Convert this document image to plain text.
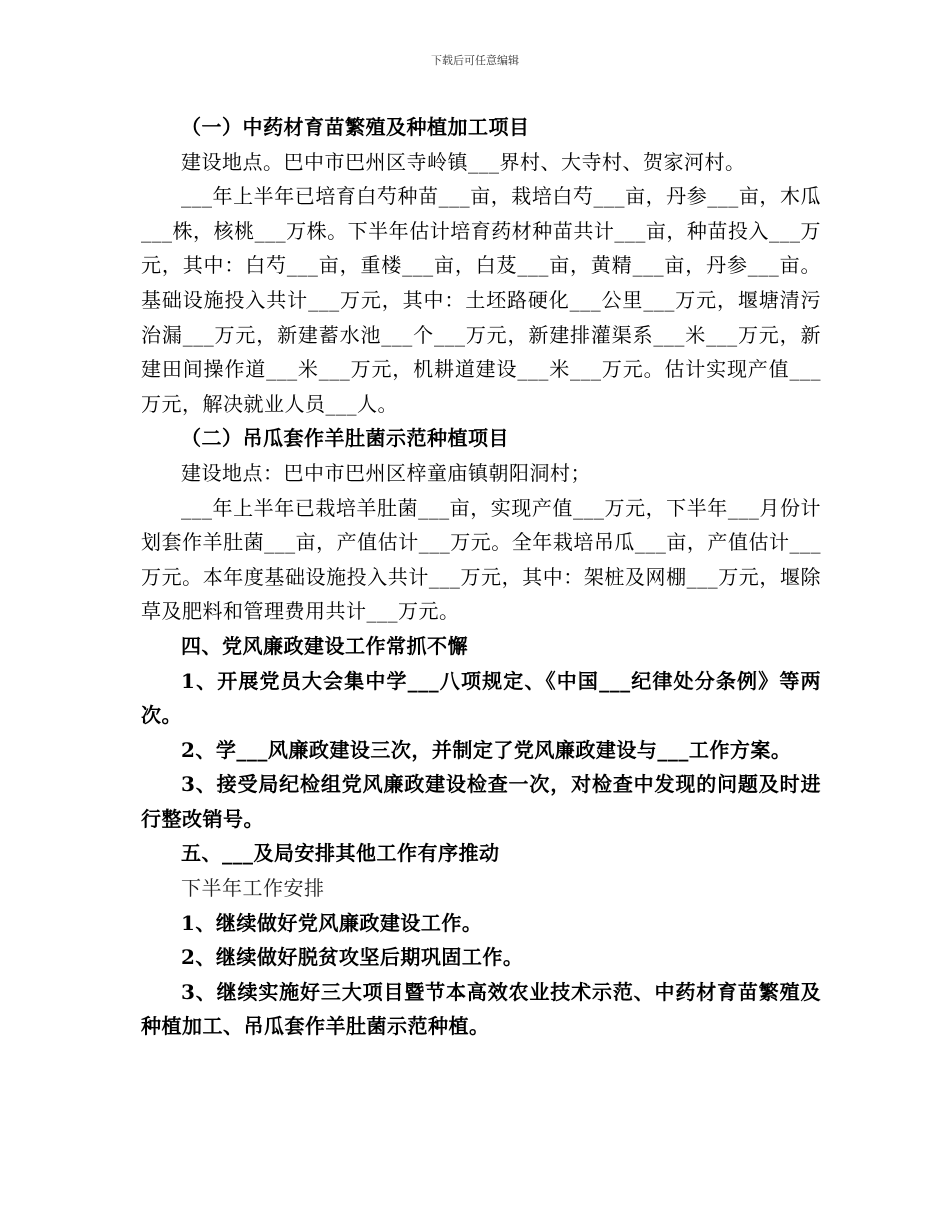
下载后可任意编辑

（一）中药材育苗繁殖及种植加工项目

建设地点。巴中市巴州区寺岭镇___界村、大寺村、贺家河村。

___年上半年已培育白芍种苗___亩，栽培白芍___亩，丹参___亩，木瓜___株，核桃___万株。下半年估计培育药材种苗共计___亩，种苗投入___万元，其中：白芍___亩，重楼___亩，白芨___亩，黄精___亩，丹参___亩。基础设施投入共计___万元，其中：土坯路硬化___公里___万元，堰塘清污治漏___万元，新建蓄水池___个___万元，新建排灌渠系___米___万元，新建田间操作道___米___万元，机耕道建设___米___万元。估计实现产值___万元，解决就业人员___人。

（二）吊瓜套作羊肚菌示范种植项目

建设地点：巴中市巴州区梓童庙镇朝阳洞村；

___年上半年已栽培羊肚菌___亩，实现产值___万元，下半年___月份计划套作羊肚菌___亩，产值估计___万元。全年栽培吊瓜___亩，产值估计___万元。本年度基础设施投入共计___万元，其中：架桩及网棚___万元，堰除草及肥料和管理费用共计___万元。

四、党风廉政建设工作常抓不懈

1、开展党员大会集中学___八项规定、《中国___纪律处分条例》等两次。

2、学___风廉政建设三次，并制定了党风廉政建设与___工作方案。

3、接受局纪检组党风廉政建设检查一次，对检查中发现的问题及时进行整改销号。

五、___及局安排其他工作有序推动

下半年工作安排

1、继续做好党风廉政建设工作。

2、继续做好脱贫攻坚后期巩固工作。

3、继续实施好三大项目暨节本高效农业技术示范、中药材育苗繁殖及种植加工、吊瓜套作羊肚菌示范种植。
